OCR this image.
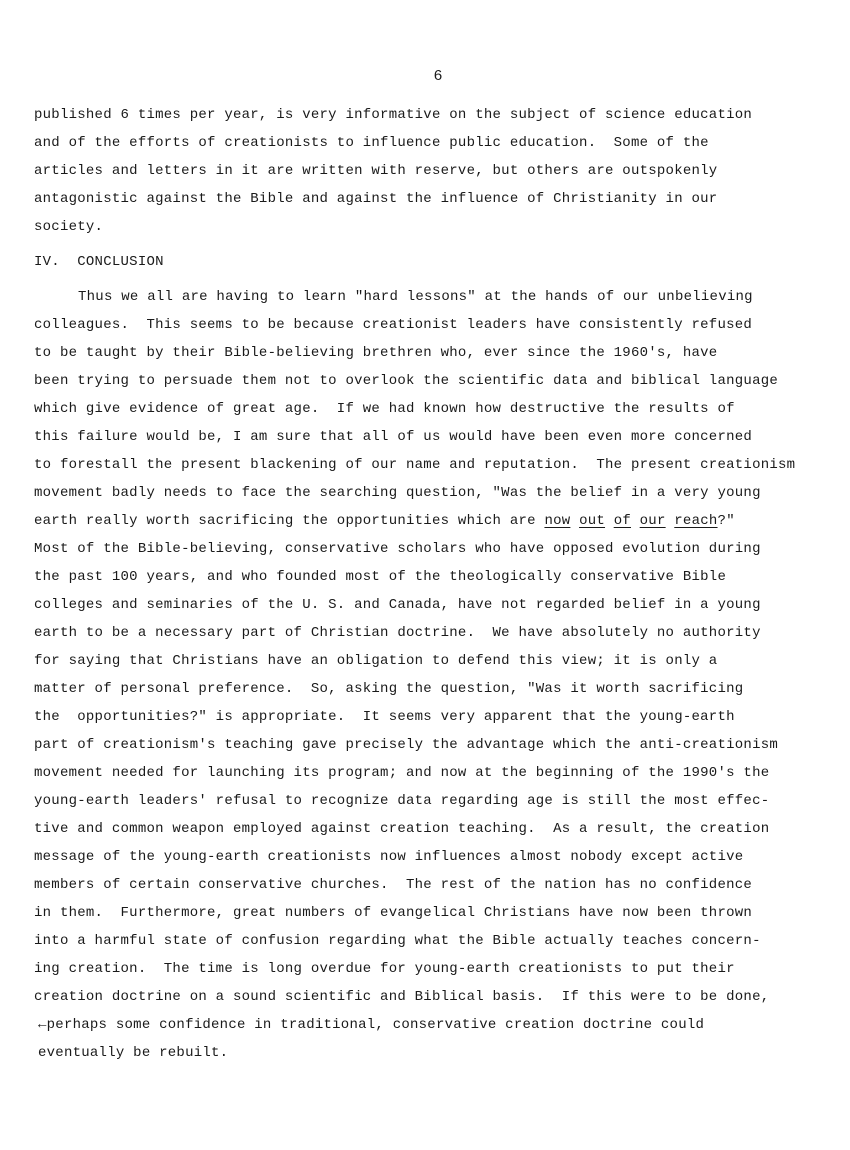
6
published 6 times per year, is very informative on the subject of science education
and of the efforts of creationists to influence public education.  Some of the
articles and letters in it are written with reserve, but others are outspokenly
antagonistic against the Bible and against the influence of Christianity in our
society.
IV.  CONCLUSION
Thus we all are having to learn "hard lessons" at the hands of our unbelieving
colleagues.  This seems to be because creationist leaders have consistently refused
to be taught by their Bible-believing brethren who, ever since the 1960's, have
been trying to persuade them not to overlook the scientific data and biblical language
which give evidence of great age.  If we had known how destructive the results of
this failure would be, I am sure that all of us would have been even more concerned
to forestall the present blackening of our name and reputation.  The present creationism
movement badly needs to face the searching question, "Was the belief in a very young
earth really worth sacrificing the opportunities which are now out of our reach?"
Most of the Bible-believing, conservative scholars who have opposed evolution during
the past 100 years, and who founded most of the theologically conservative Bible
colleges and seminaries of the U. S. and Canada, have not regarded belief in a young
earth to be a necessary part of Christian doctrine.  We have absolutely no authority
for saying that Christians have an obligation to defend this view; it is only a
matter of personal preference.  So, asking the question, "Was it worth sacrificing
the  opportunities?" is appropriate.  It seems very apparent that the young-earth
part of creationism's teaching gave precisely the advantage which the anti-creationism
movement needed for launching its program; and now at the beginning of the 1990's the
young-earth leaders' refusal to recognize data regarding age is still the most effec-
tive and common weapon employed against creation teaching.  As a result, the creation
message of the young-earth creationists now influences almost nobody except active
members of certain conservative churches.  The rest of the nation has no confidence
in them.  Furthermore, great numbers of evangelical Christians have now been thrown
into a harmful state of confusion regarding what the Bible actually teaches concern-
ing creation.  The time is long overdue for young-earth creationists to put their
creation doctrine on a sound scientific and Biblical basis.  If this were to be done,
←perhaps some confidence in traditional, conservative creation doctrine could
eventually be rebuilt.
